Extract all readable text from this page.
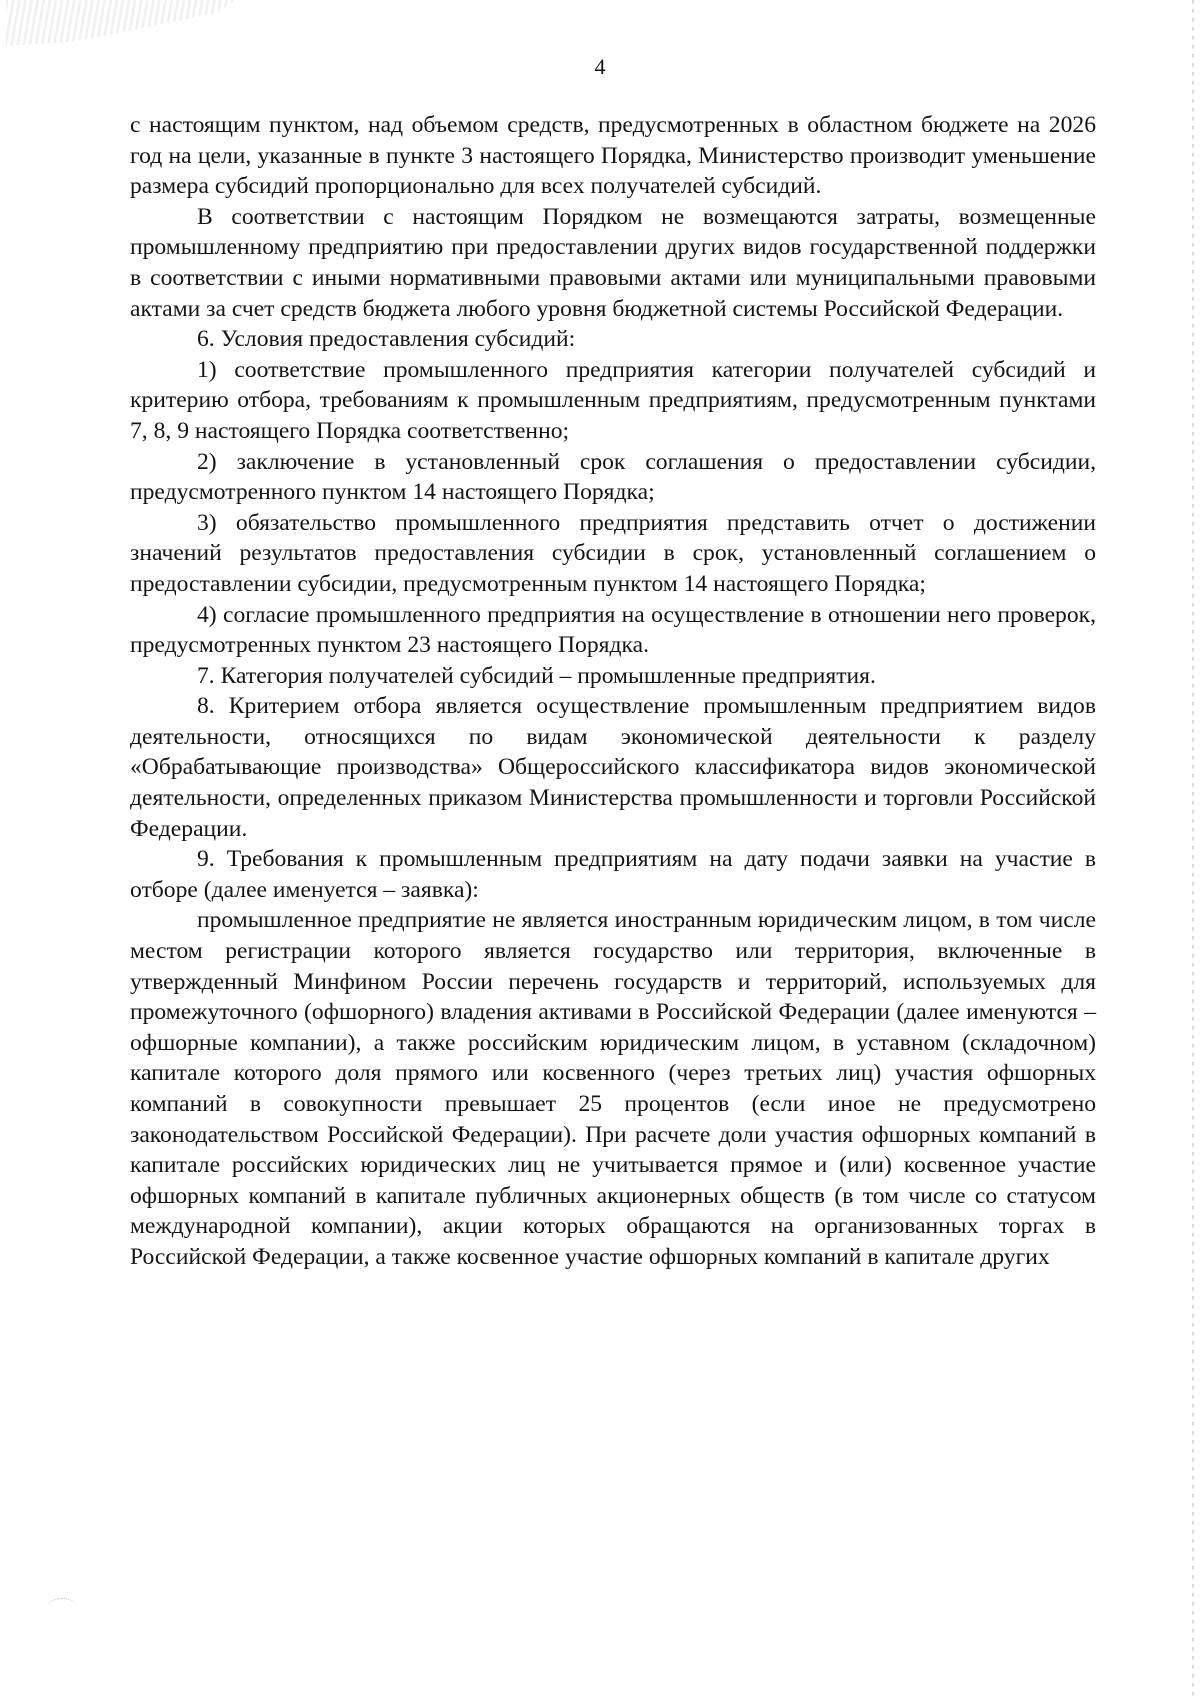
4

с настоящим пунктом, над объемом средств, предусмотренных в областном бюджете на 2026 год на цели, указанные в пункте 3 настоящего Порядка, Министерство производит уменьшение размера субсидий пропорционально для всех получателей субсидий.

В соответствии с настоящим Порядком не возмещаются затраты, возмещенные промышленному предприятию при предоставлении других видов государственной поддержки в соответствии с иными нормативными правовыми актами или муниципальными правовыми актами за счет средств бюджета любого уровня бюджетной системы Российской Федерации.

6. Условия предоставления субсидий:

1) соответствие промышленного предприятия категории получателей субсидий и критерию отбора, требованиям к промышленным предприятиям, предусмотренным пунктами 7, 8, 9 настоящего Порядка соответственно;

2) заключение в установленный срок соглашения о предоставлении субсидии, предусмотренного пунктом 14 настоящего Порядка;

3) обязательство промышленного предприятия представить отчет о достижении значений результатов предоставления субсидии в срок, установленный соглашением о предоставлении субсидии, предусмотренным пунктом 14 настоящего Порядка;

4) согласие промышленного предприятия на осуществление в отношении него проверок, предусмотренных пунктом 23 настоящего Порядка.

7. Категория получателей субсидий – промышленные предприятия.

8. Критерием отбора является осуществление промышленным предприятием видов деятельности, относящихся по видам экономической деятельности к разделу «Обрабатывающие производства» Общероссийского классификатора видов экономической деятельности, определенных приказом Министерства промышленности и торговли Российской Федерации.

9. Требования к промышленным предприятиям на дату подачи заявки на участие в отборе (далее именуется – заявка):

промышленное предприятие не является иностранным юридическим лицом, в том числе местом регистрации которого является государство или территория, включенные в утвержденный Минфином России перечень государств и территорий, используемых для промежуточного (офшорного) владения активами в Российской Федерации (далее именуются – офшорные компании), а также российским юридическим лицом, в уставном (складочном) капитале которого доля прямого или косвенного (через третьих лиц) участия офшорных компаний в совокупности превышает 25 процентов (если иное не предусмотрено законодательством Российской Федерации). При расчете доли участия офшорных компаний в капитале российских юридических лиц не учитывается прямое и (или) косвенное участие офшорных компаний в капитале публичных акционерных обществ (в том числе со статусом международной компании), акции которых обращаются на организованных торгах в Российской Федерации, а также косвенное участие офшорных компаний в капитале других
